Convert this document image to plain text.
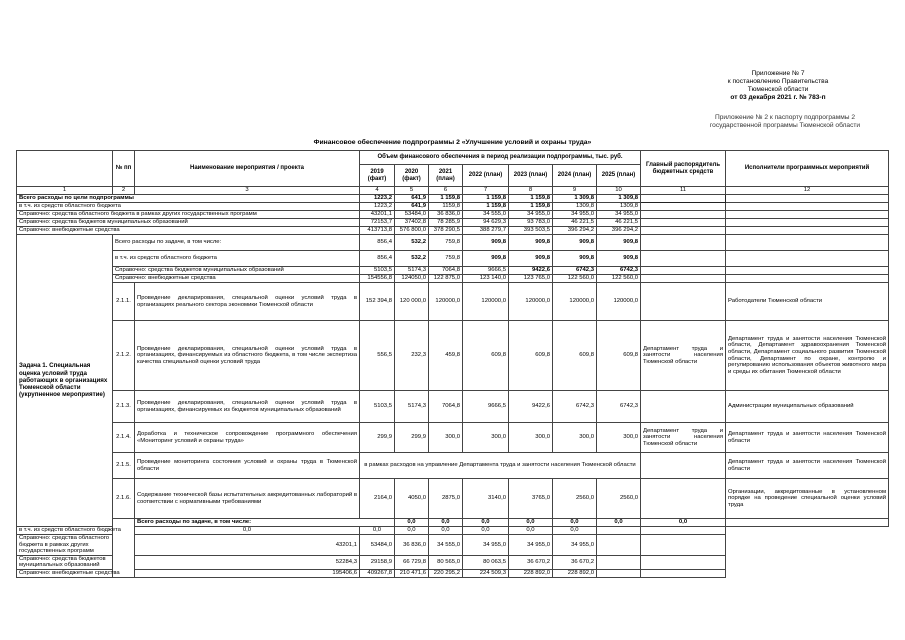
Приложение № 7
к постановлению Правительства
Тюменской области
от 03 декабря 2021 г. № 783-п
Приложение № 2 к паспорту подпрограммы 2
государственной программы Тюменской области
Финансовое обеспечение подпрограммы 2 «Улучшение условий и охраны труда»
	№ пп	Наименование мероприятия / проекта	Объем финансового обеспечения в период реализации подпрограммы, тыс. руб.							Главный распорядитель бюджетных средств	Исполнители программных мероприятий	
			2019 (факт)	2020 (факт)	2021 (план)	2022 (план)	2023 (план)	2024 (план)	2025 (план)			
1	2	3	4	5	6	7	8	9	10	11	12	
Всего расходы по цели подпрограммы			1223,2	641,9	1 159,8	1 159,8	1 159,8	1 309,8	1 309,8			
в т.ч. из средств областного бюджета			1223,2	641,9	1159,8	1 159,8	1 159,8	1309,8	1309,8			
Справочно: средства областного бюджета в рамках других государственных программ			43201,1	53484,0	36 836,0	34 555,0	34 955,0	34 955,0	34 955,0			
Справочно: средства бюджетов муниципальных образований			72153,7	37402,8	78 285,9	94 629,3	93 783,0	46 221,5	46 221,5			
Справочно: внебюджетные средства			413713,8	576 800,0	378 290,5	388 279,7	393 503,5	396 294,2	396 294,2			
Задача 1. Специальная оценка условий труда работающих в организациях Тюменской области (укрупненное мероприятие)	Всего расходы по задаче, в том числе:		856,4	532,2	759,8	909,8	909,8	909,8	909,8			
	в т.ч. из средств областного бюджета		856,4	532,2	759,8	909,8	909,8	909,8	909,8			
	Справочно: средства бюджетов муниципальных образований		5103,5	5174,3	7064,8	9666,5	9422,6	6742,3	6742,3			
	Справочно: внебюджетные средства		154556,8	124050,0	122 875,0	123 140,0	123 765,0	122 560,0	122 560,0			
	2.1.1.	Проведение декларирования, специальной оценки условий труда в организациях реального сектора экономики Тюменской области	152 394,8	120 000,0	120000,0	120000,0	120000,0	120000,0	120000,0		Работодатели Тюменской области	
	2.1.2.	Проведение декларирования, специальной оценки условий труда в организациях, финансируемых из областного бюджета, в том числе экспертиза качества специальной оценки условий труда	556,5	232,3	459,8	609,8	609,8	609,8	609,8	Департамент труда и занятости населения Тюменской области	Департамент труда и занятости населения Тюменской области, Департамент здравоохранения Тюменской области, Департамент социального развития Тюменской области, Департамент по охране, контролю и регулированию использования объектов животного мира и среды их обитания Тюменской области	
	2.1.3.	Проведение декларирования, специальной оценки условий труда в организациях, финансируемых из бюджетов муниципальных образований	5103,5	5174,3	7064,8	9666,5	9422,6	6742,3	6742,3		Администрации муниципальных образований	
	2.1.4.	Доработка и техническое сопровождение программного обеспечения «Мониторинг условий и охраны труда»	299,9	299,9	300,0	300,0	300,0	300,0	300,0	Департамент труда и занятости населения Тюменской области	Департамент труда и занятости населения Тюменской области	
	2.1.5.	Проведение мониторинга состояния условий и охраны труда в Тюменской области	в рамках расходов на управление Департамента труда и занятости населения Тюменской области								Департамент труда и занятости населения Тюменской области	
	2.1.6.	Содержание технической базы испытательных аккредитованных лабораторий в соответствии с нормативными требованиями	2164,0	4050,0	2875,0	3140,0	3765,0	2560,0	2560,0		Организации, аккредитованные в установленном порядке на проведение специальной оценки условий труда	
		Всего расходы по задаче, в том числе:		0,0	0,0	0,0	0,0	0,0	0,0	0,0		
в т.ч. из средств областного бюджета		0,0	0,0	0,0	0,0	0,0	0,0	0,0				
Справочно: средства областного бюджета в рамках других государственных программ		43201,1	53484,0	36 836,0	34 555,0	34 955,0	34 955,0	34 955,0				
Справочно: средства бюджетов муниципальных образований		52284,3	29158,9	66 729,8	80 565,0	80 063,5	36 670,2	36 670,2				
Справочно: внебюджетные средства		195406,6	409267,8	210 471,6	220 295,2	224 509,3	228 892,0	228 892,0				
